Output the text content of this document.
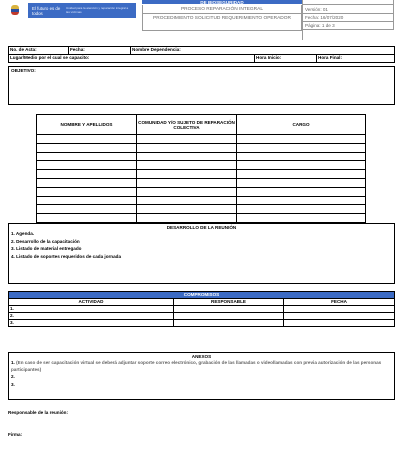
El futuro es de todos
Unidad para la atención y reparación integral a las víctimas
DE BIOSEGURIDAD
PROCESO REPARACIÓN INTEGRAL
PROCEDIMIENTO SOLICITUD REQUERIMIENTO OPERADOR
Versión: 01
Fecha: 16/07/2020
Página: 1 de 3
No. de Acta:	Fecha:	Nombre Dependencia:		
Lugar/Medio por el cual se capacito:			Hora Inicio:	Hora Final:
OBJETIVO:
NOMBRE Y APELLIDOS	COMUNIDAD Y/O SUJETO DE REPARACIÓN COLECTIVA	CARGO

DESARROLLO DE LA REUNIÓN
1. Agenda.
2. Desarrollo de la capacitación
3. Listado de material entregado
4. Listado de soportes requeridos de cada jornada
COMPROMISOS		
ACTIVIDAD	RESPONSABLE	FECHA
1.		
2.		
3.		
ANEXOS
1. (En caso de ser capacitación virtual se deberá adjuntar soporte correo electrónico, grabación de las llamadas o videollamadas con previa autorización de las personas participantes)
2.
3.
Responsable de la reunión:
Firma:
